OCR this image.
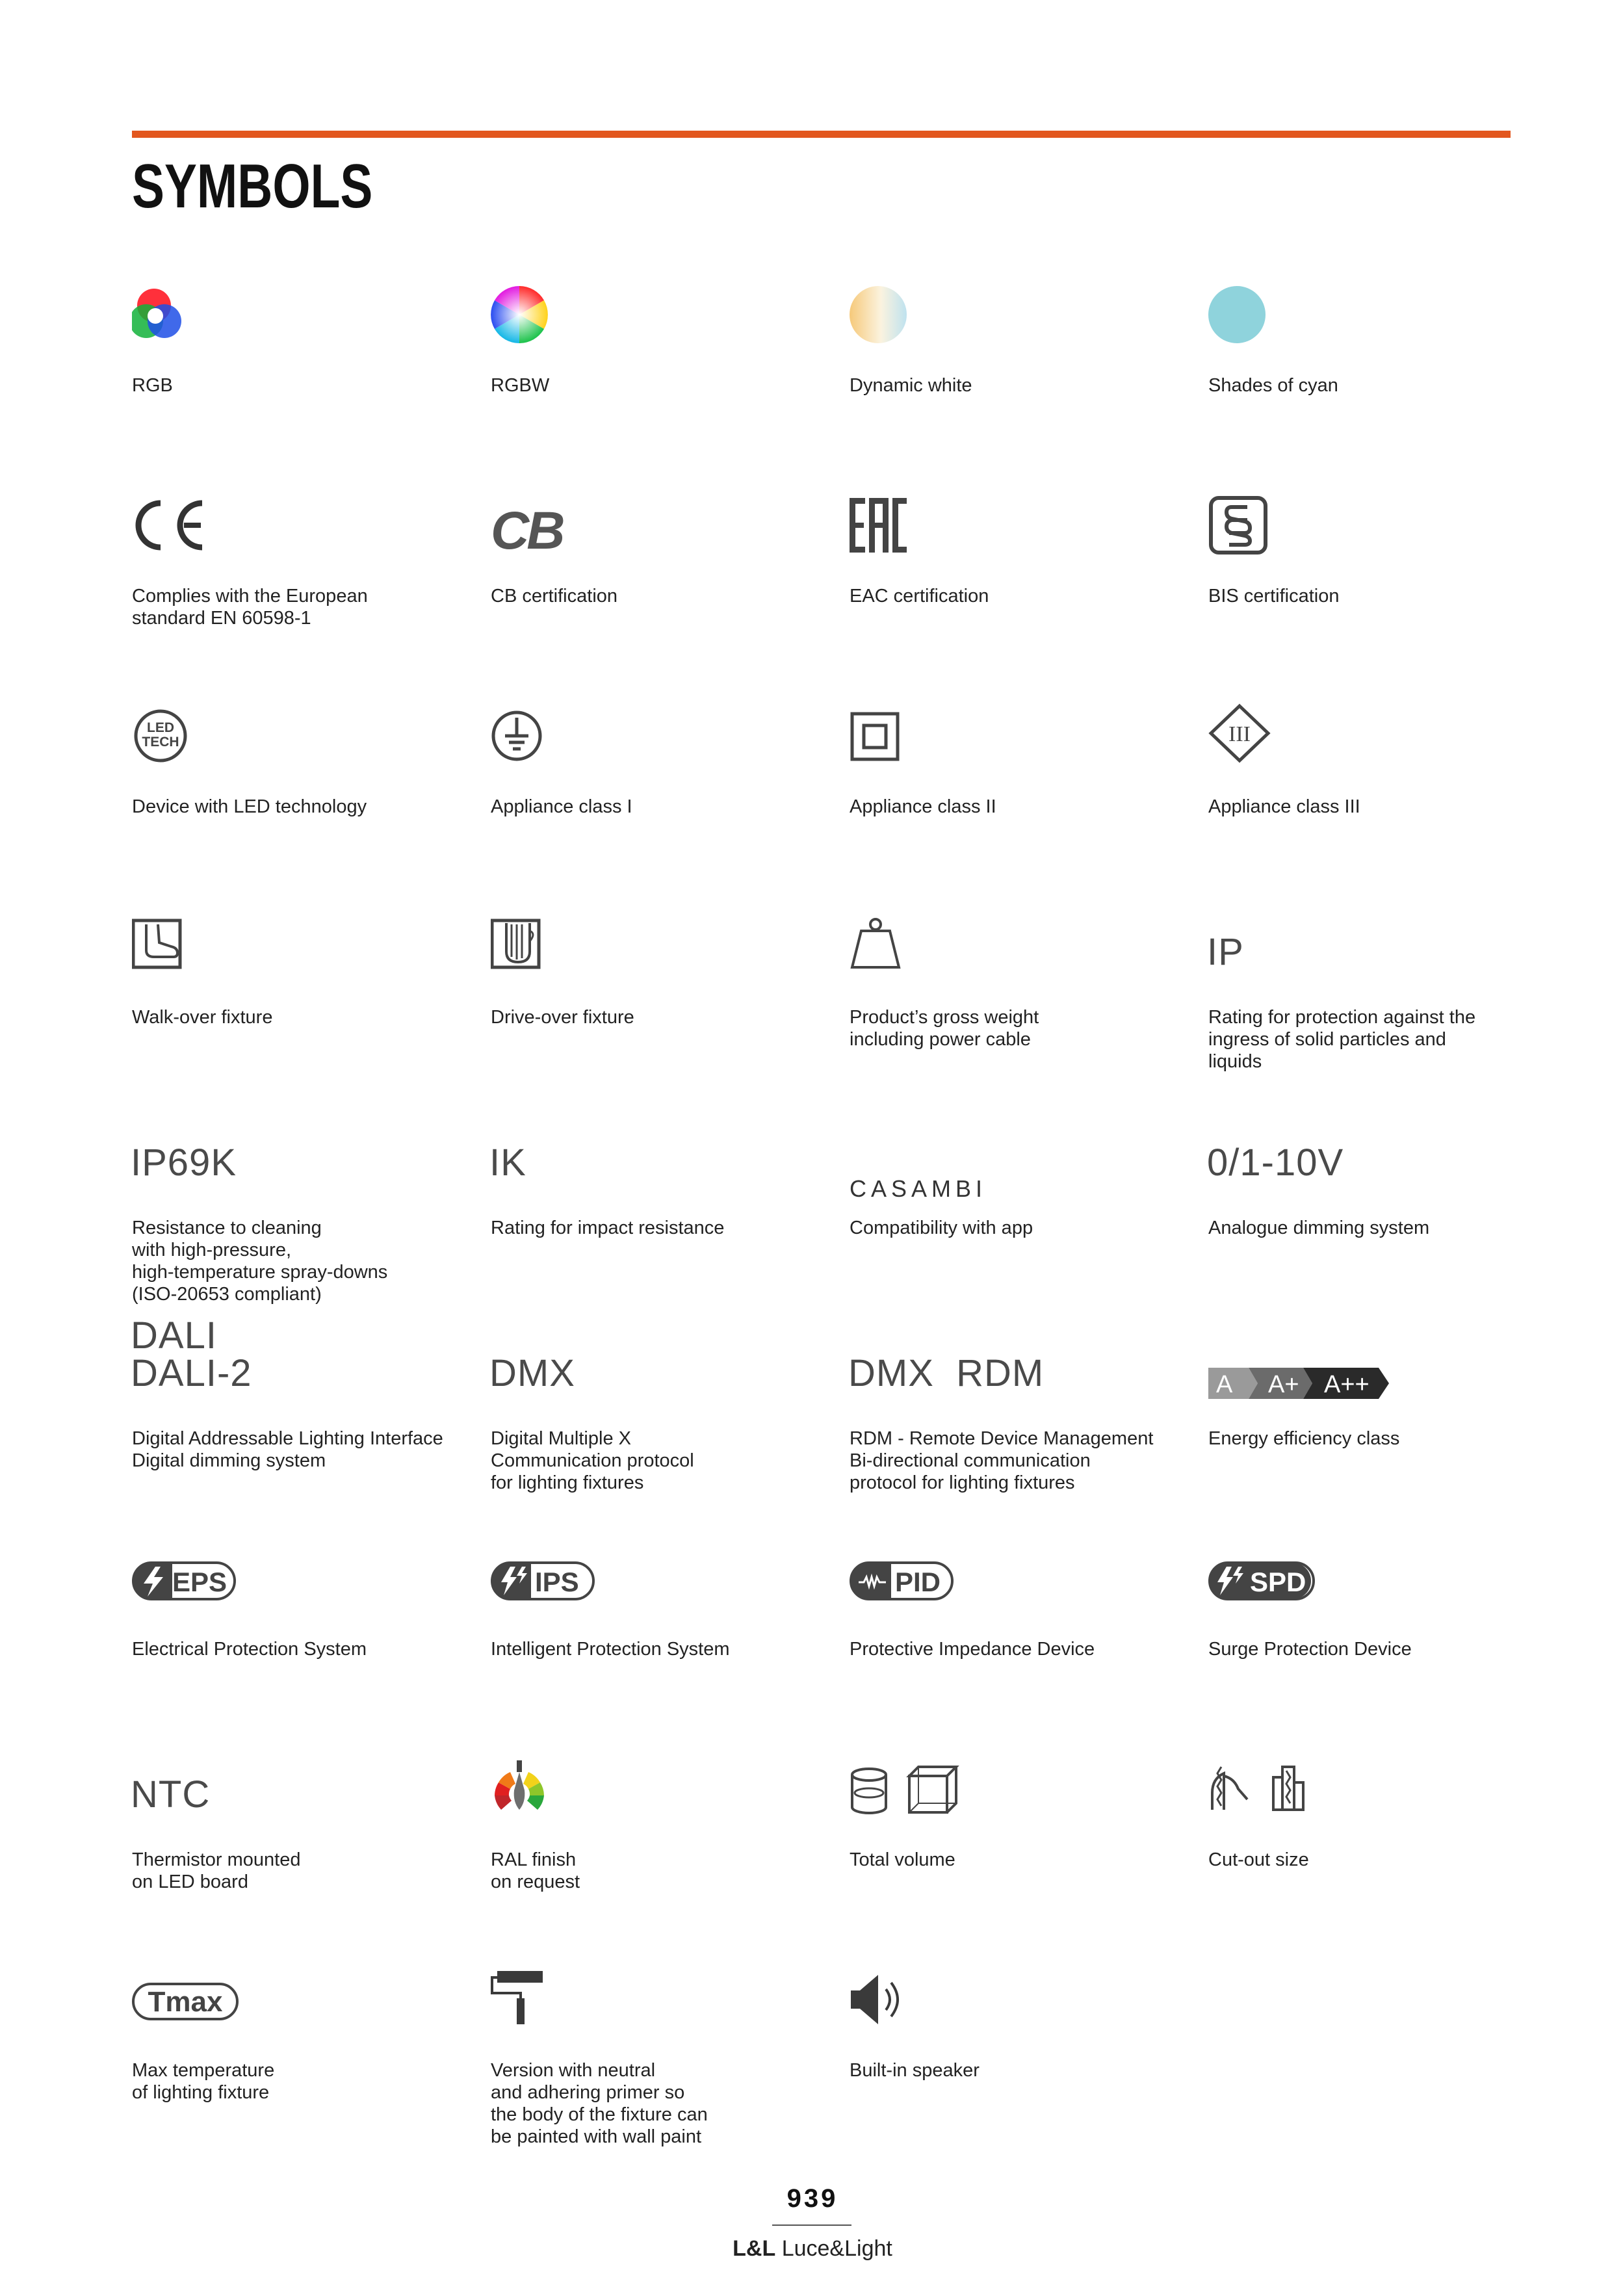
SYMBOLS
RGB	RGBW	Dynamic white	Shades of cyan
Complies with the European
standard EN 60598-1
CB
CB certification	EAC certification	BIS certification
LED
TECH
Device with LED technology	Appliance class I	Appliance class II
III
Appliance class III
Walk-over fixture	Drive-over fixture	Product’s gross weight
including power cable
IP
Rating for protection against the
ingress of solid particles and
liquids
IP69K
Resistance to cleaning
with high-pressure,
high-temperature spray-downs
(ISO-20653 compliant)
IK
Rating for impact resistance
CASAMBI
Compatibility with app
0/1-10V
Analogue dimming system
DALI
DALI-2
Digital Addressable Lighting Interface
Digital dimming system
DMX
Digital Multiple X
Communication protocol
for lighting fixtures
DMX  RDM
RDM - Remote Device Management
Bi-directional communication
protocol for lighting fixtures
A A+ A++
Energy efficiency class
EPS
Electrical Protection System
IPS
Intelligent Protection System
PID
Protective Impedance Device
SPD
Surge Protection Device
NTC
Thermistor mounted
on LED board
RAL finish
on request
Total volume	Cut-out size
Tmax
Max temperature
of lighting fixture
Version with neutral
and adhering primer so
the body of the fixture can
be painted with wall paint
Built-in speaker
939
L&L Luce&Light
